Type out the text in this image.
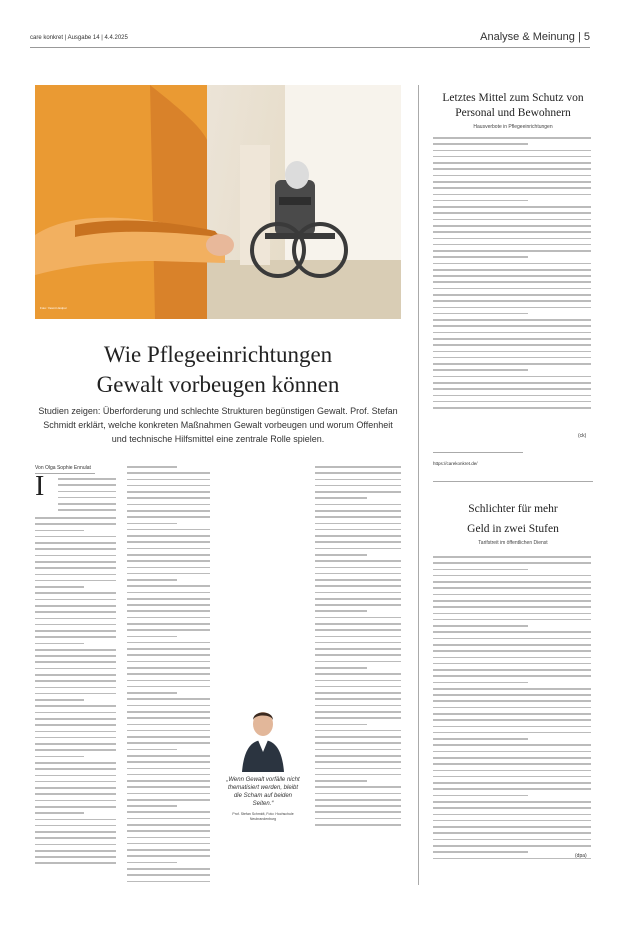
care konkret | Ausgabe 14 | 4.4.2025	Analyse & Meinung | 5
Foto: Yasmin Eslpur
Wie Pflegeeinrichtungen
Gewalt vorbeugen können
Studien zeigen: Überforderung und schlechte Strukturen begünstigen Gewalt. Prof. Stefan Schmidt erklärt, welche konkreten Maßnahmen Gewalt vorbeugen und worum Offenheit und technische Hilfsmittel eine zentrale Rolle spielen.
Von Olga Sophie Ennulat
I
„Wenn Gewalt vorfälle nicht thematisiert werden, bleibt die Scham auf beiden Seiten.“
Prof. Stefan Schmidt, Foto: Hochschule Neubrandenburg
Letztes Mittel zum Schutz von Personal und Bewohnern
Hausverbote in Pflegeeinrichtungen
(ck)
https://carekonkret.de/
Schlichter für mehr
Geld in zwei Stufen
Tarifstreit im öffentlichen Dienst
(dpa)
